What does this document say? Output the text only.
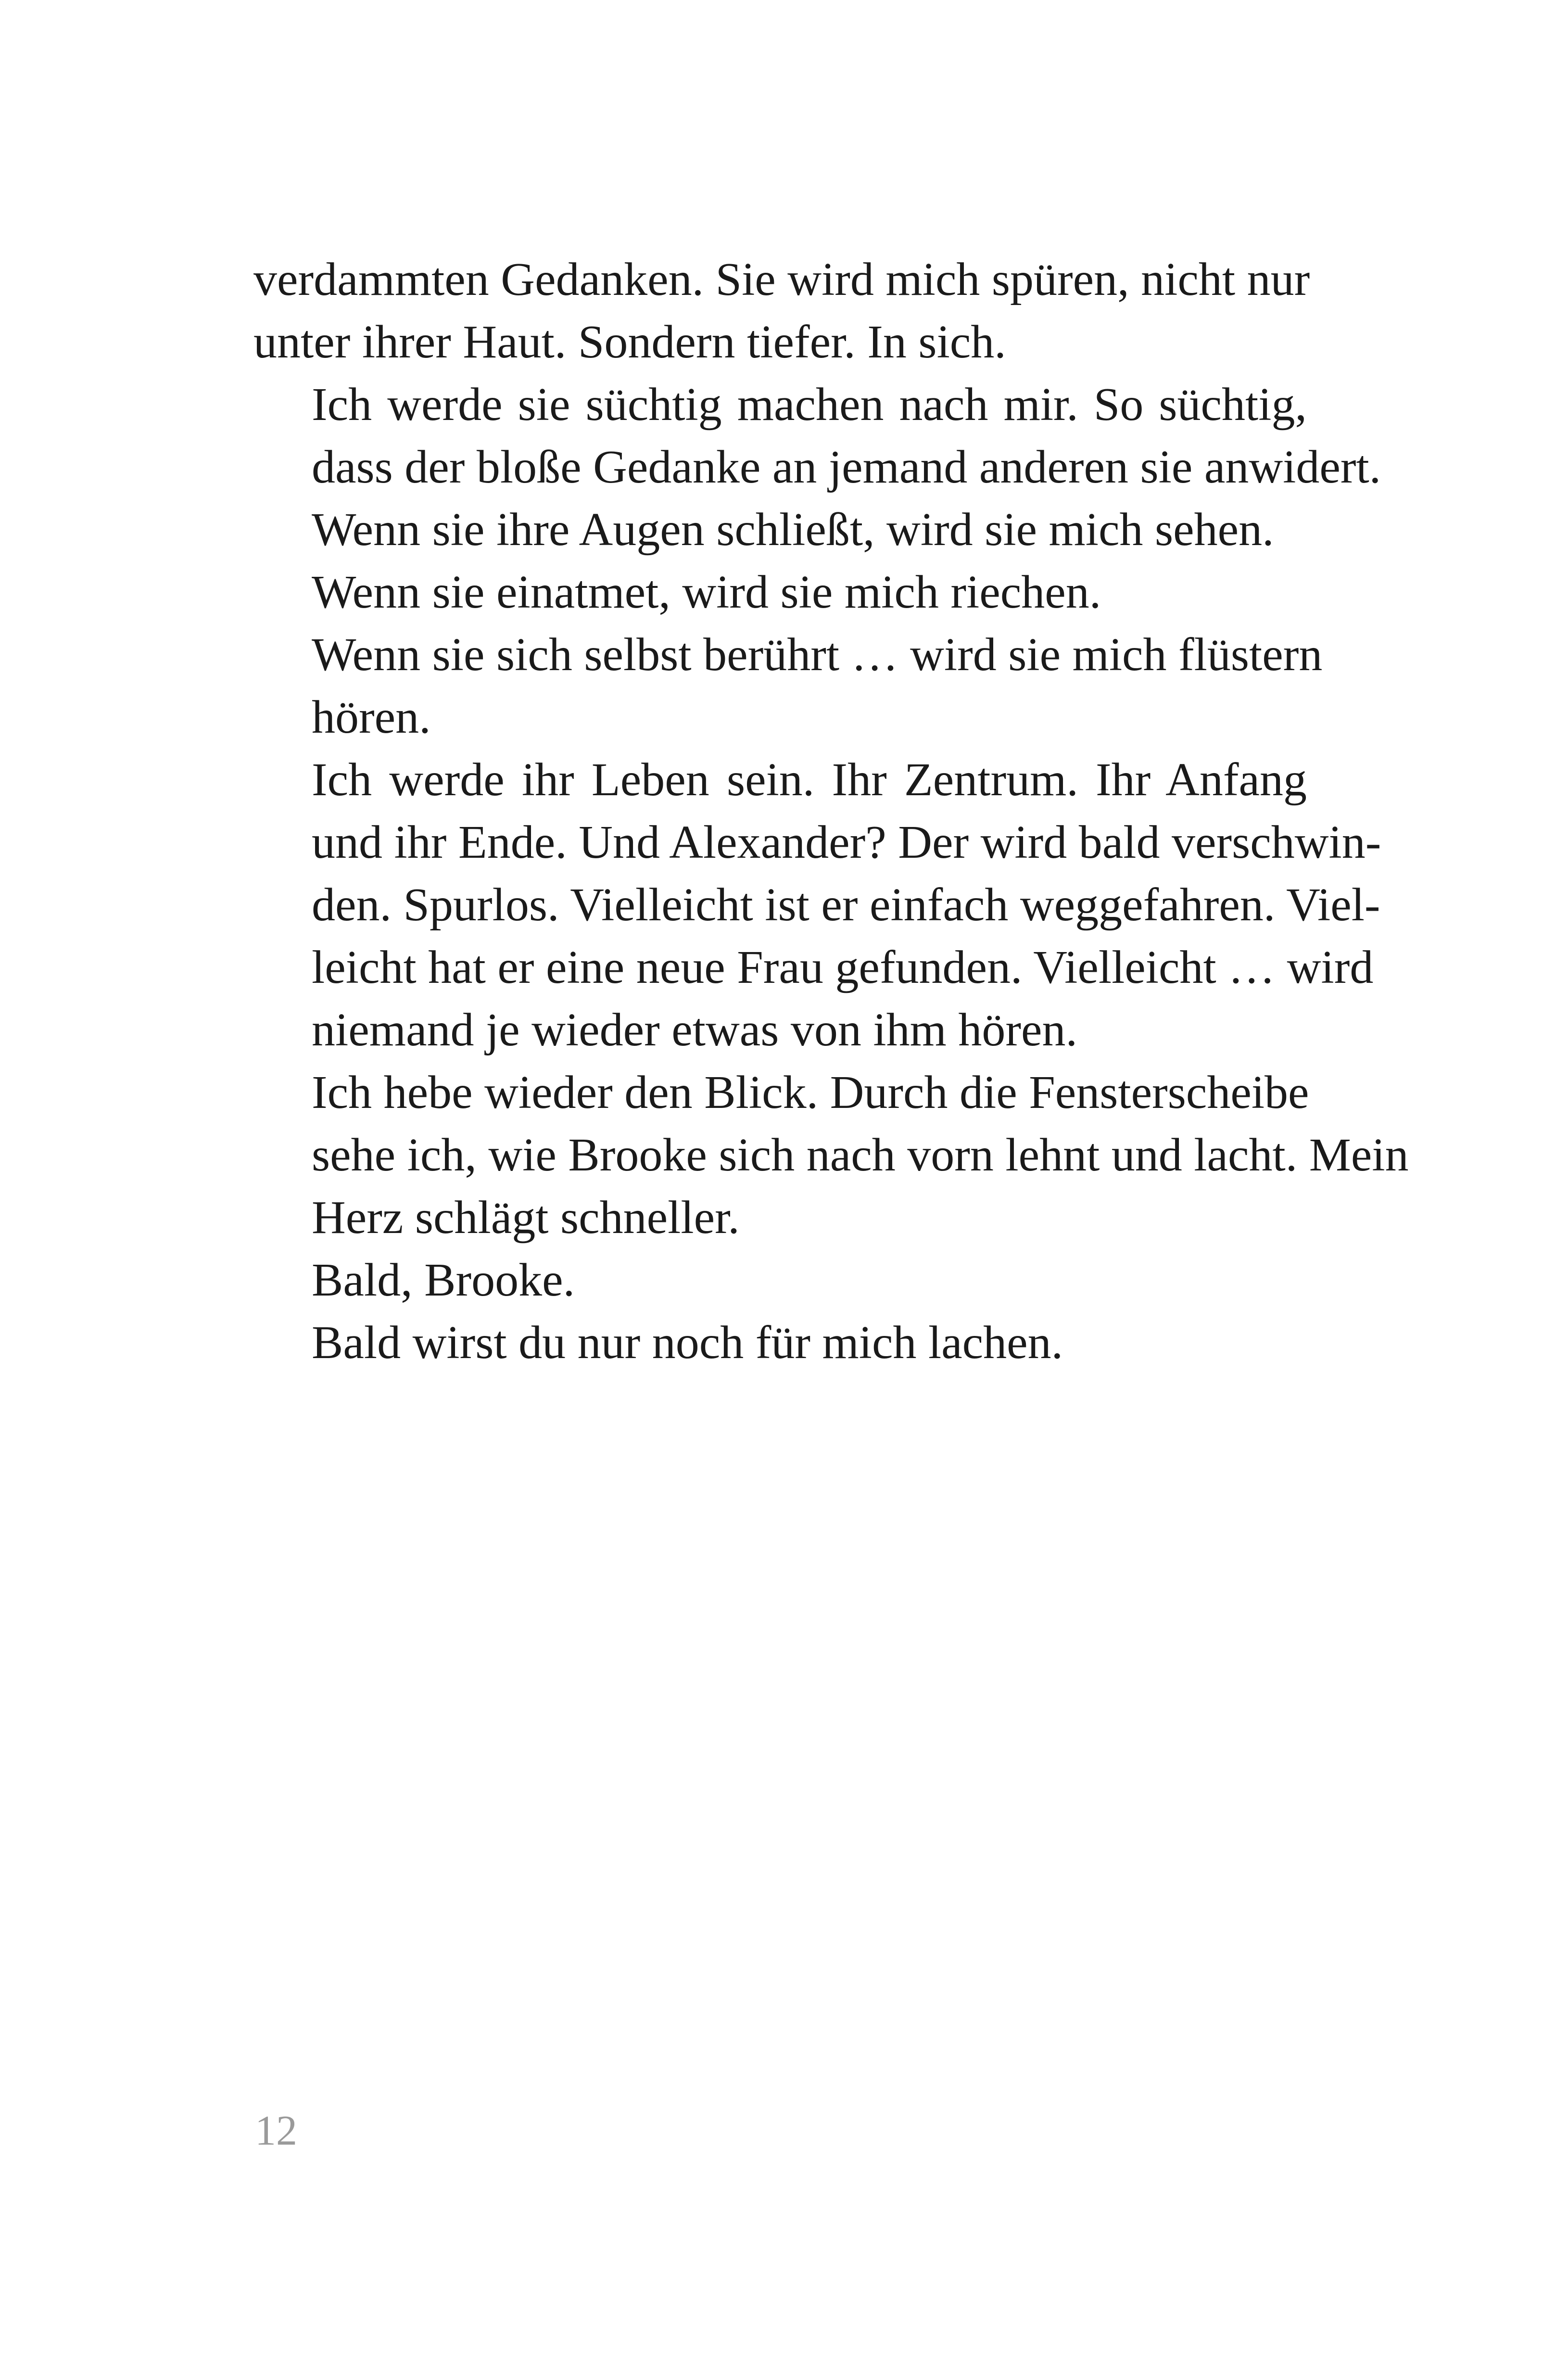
verdammten Gedanken. Sie wird mich spüren, nicht nur
unter ihrer Haut. Sondern tiefer. In sich.

Ich werde sie süchtig machen nach mir. So süchtig,
dass der bloße Gedanke an jemand anderen sie anwidert.

Wenn sie ihre Augen schließt, wird sie mich sehen.

Wenn sie einatmet, wird sie mich riechen.

Wenn sie sich selbst berührt … wird sie mich flüstern
hören.

Ich werde ihr Leben sein. Ihr Zentrum. Ihr Anfang
und ihr Ende. Und Alexander? Der wird bald verschwin-
den. Spurlos. Vielleicht ist er einfach weggefahren. Viel-
leicht hat er eine neue Frau gefunden. Vielleicht … wird
niemand je wieder etwas von ihm hören.

Ich hebe wieder den Blick. Durch die Fensterscheibe
sehe ich, wie Brooke sich nach vorn lehnt und lacht. Mein
Herz schlägt schneller.

Bald, Brooke.

Bald wirst du nur noch für mich lachen.

12
